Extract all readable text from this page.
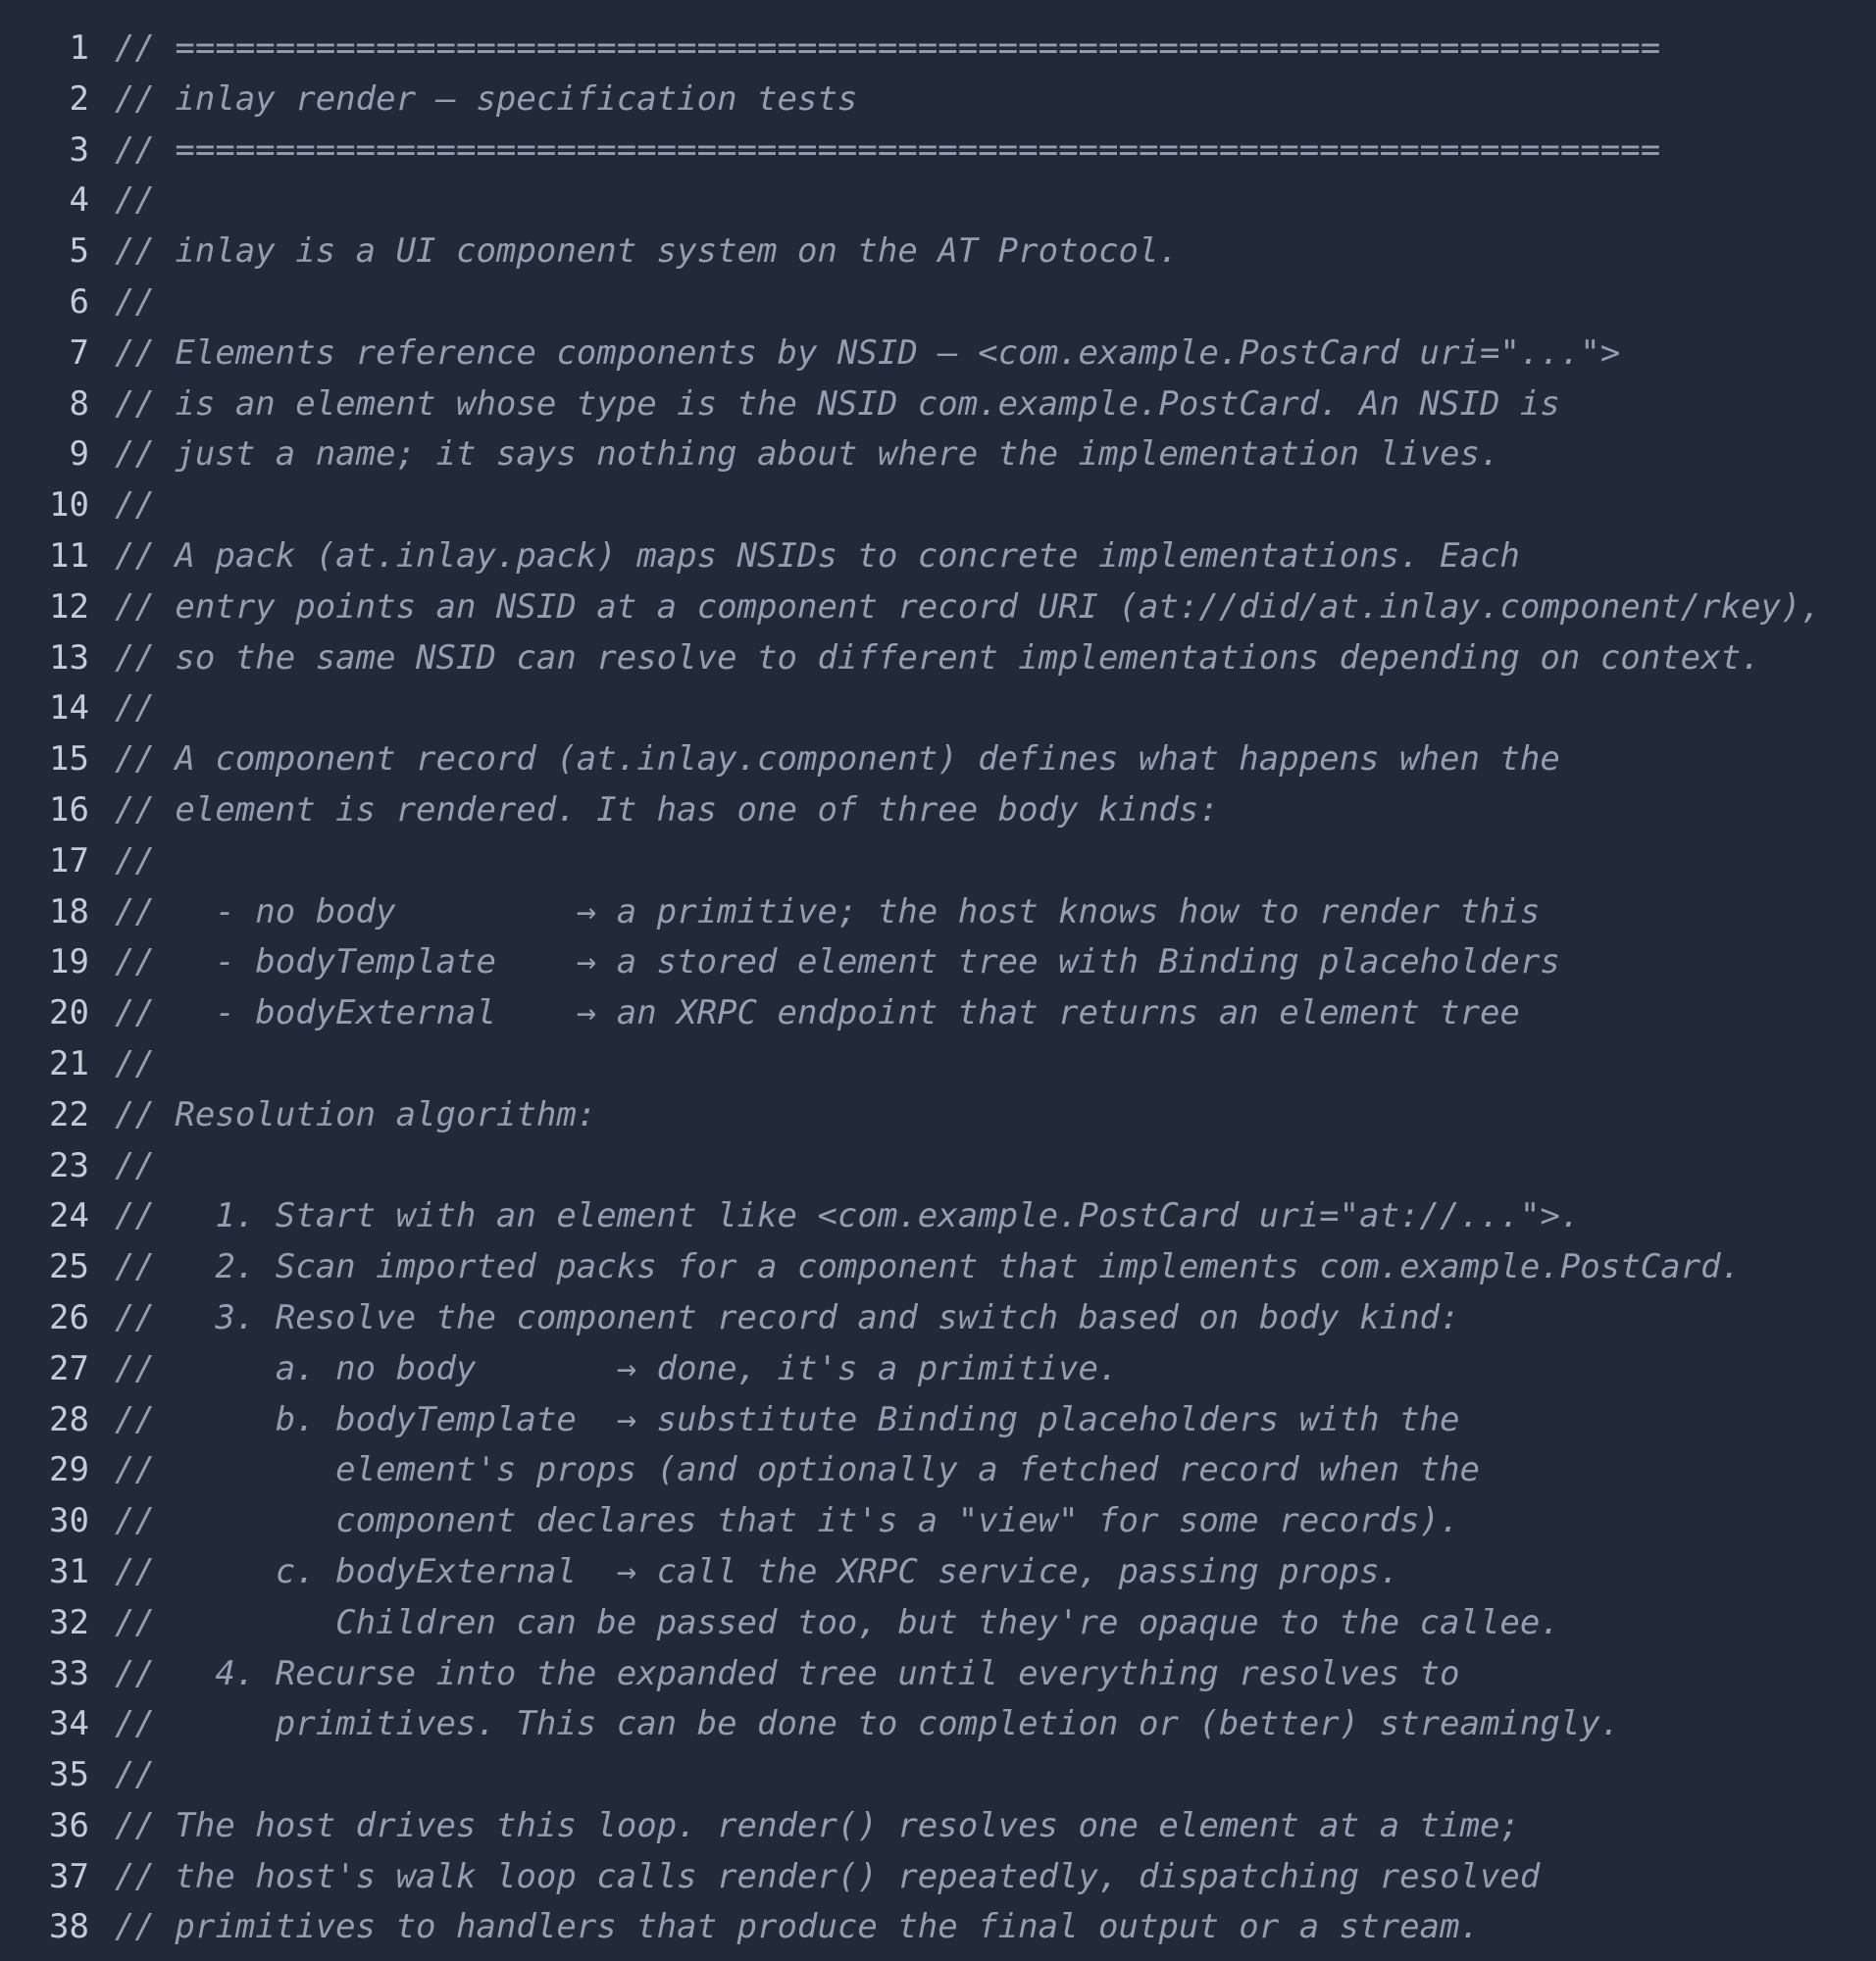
1 // ==========================================================================
2 // inlay render — specification tests
3 // ==========================================================================
4 //
5 // inlay is a UI component system on the AT Protocol.
6 //
7 // Elements reference components by NSID — <com.example.PostCard uri="...">
8 // is an element whose type is the NSID com.example.PostCard. An NSID is
9 // just a name; it says nothing about where the implementation lives.
10 //
11 // A pack (at.inlay.pack) maps NSIDs to concrete implementations. Each
12 // entry points an NSID at a component record URI (at://did/at.inlay.component/rkey),
13 // so the same NSID can resolve to different implementations depending on context.
14 //
15 // A component record (at.inlay.component) defines what happens when the
16 // element is rendered. It has one of three body kinds:
17 //
18 //   - no body         → a primitive; the host knows how to render this
19 //   - bodyTemplate    → a stored element tree with Binding placeholders
20 //   - bodyExternal    → an XRPC endpoint that returns an element tree
21 //
22 // Resolution algorithm:
23 //
24 //   1. Start with an element like <com.example.PostCard uri="at://...">.
25 //   2. Scan imported packs for a component that implements com.example.PostCard.
26 //   3. Resolve the component record and switch based on body kind:
27 //      a. no body       → done, it's a primitive.
28 //      b. bodyTemplate  → substitute Binding placeholders with the
29 //         element's props (and optionally a fetched record when the
30 //         component declares that it's a "view" for some records).
31 //      c. bodyExternal  → call the XRPC service, passing props.
32 //         Children can be passed too, but they're opaque to the callee.
33 //   4. Recurse into the expanded tree until everything resolves to
34 //      primitives. This can be done to completion or (better) streamingly.
35 //
36 // The host drives this loop. render() resolves one element at a time;
37 // the host's walk loop calls render() repeatedly, dispatching resolved
38 // primitives to handlers that produce the final output or a stream.
